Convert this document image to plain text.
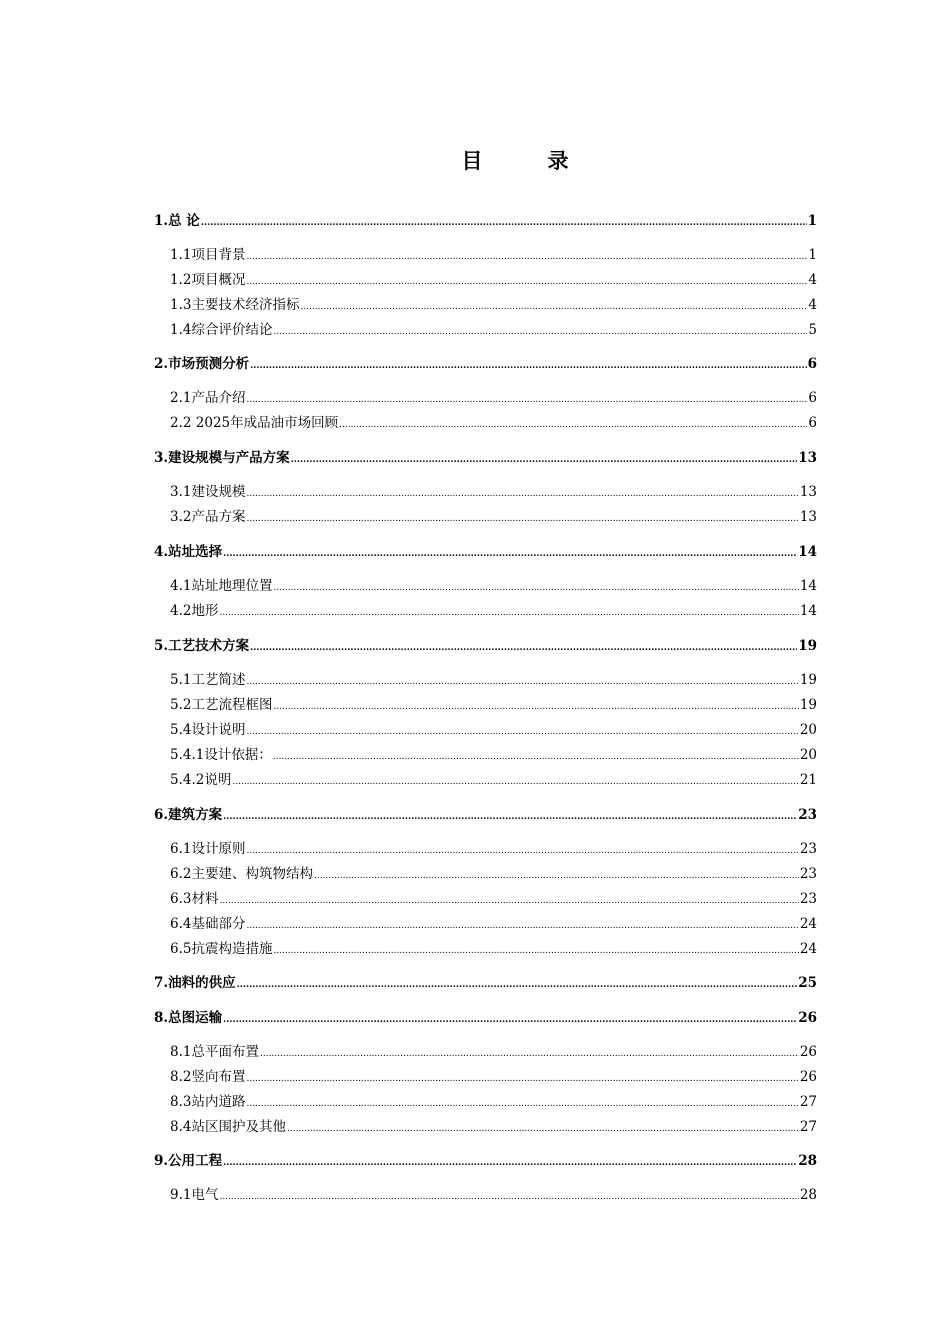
目　录
1.总 论 .....	1
1.1项目背景 .....	1
1.2项目概况 .....	4
1.3主要技术经济指标 .....	4
1.4综合评价结论 .....	5
2.市场预测分析 .....	6
2.1产品介绍 .....	6
2.2 2025年成品油市场回顾 .....	6
3.建设规模与产品方案 .....	13
3.1建设规模 .....	13
3.2产品方案 .....	13
4.站址选择 .....	14
4.1站址地理位置 .....	14
4.2地形 .....	14
5.工艺技术方案 .....	19
5.1工艺简述 .....	19
5.2工艺流程框图 .....	19
5.4设计说明 .....	20
5.4.1设计依据： .....	20
5.4.2说明 .....	21
6.建筑方案 .....	23
6.1设计原则 .....	23
6.2主要建、构筑物结构 .....	23
6.3材料 .....	23
6.4基础部分 .....	24
6.5抗震构造措施 .....	24
7.油料的供应 .....	25
8.总图运输 .....	26
8.1总平面布置 .....	26
8.2竖向布置 .....	26
8.3站内道路 .....	27
8.4站区围护及其他 .....	27
9.公用工程 .....	28
9.1电气 .....	28
